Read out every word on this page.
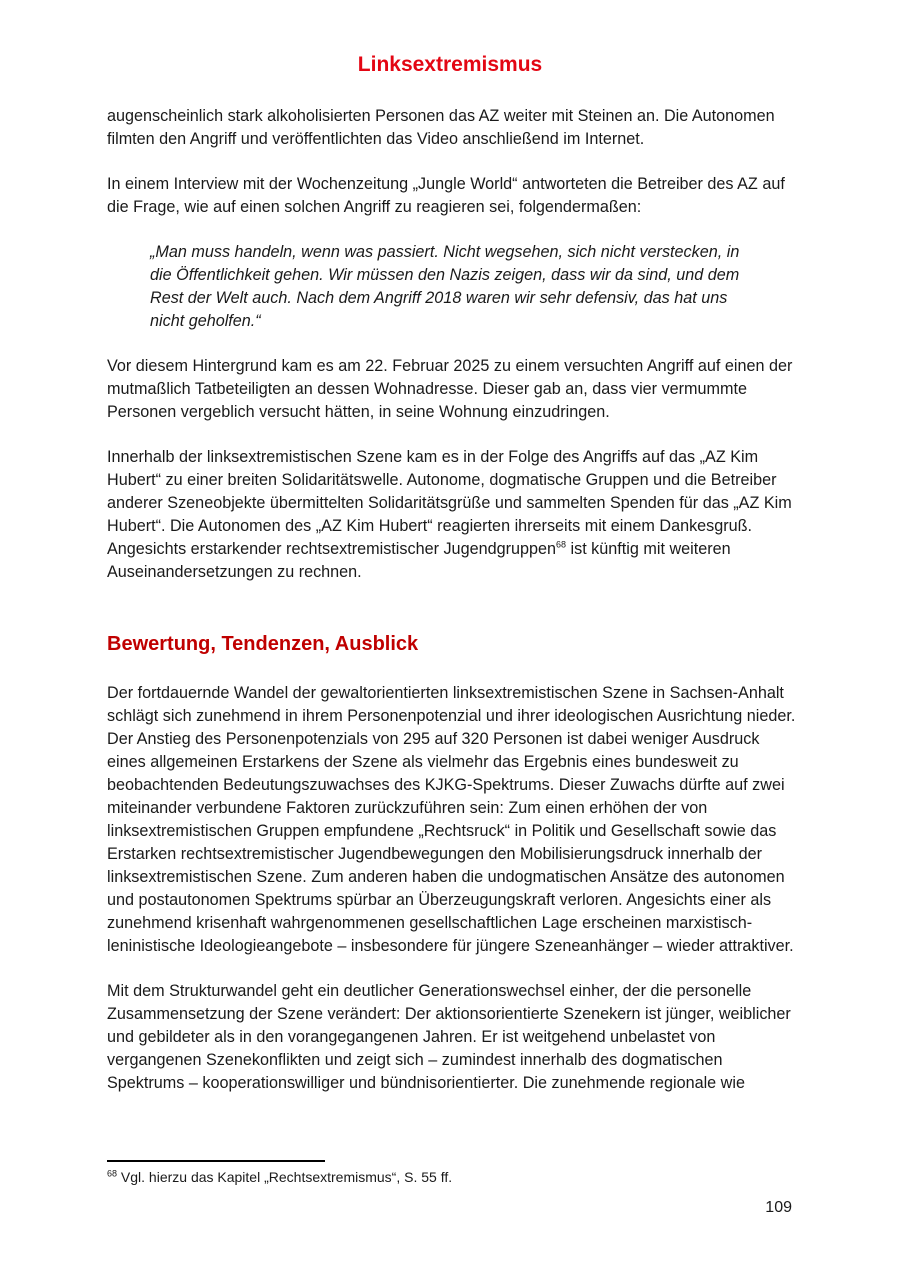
Linksextremismus

augenscheinlich stark alkoholisierten Personen das AZ weiter mit Steinen an. Die Autonomen filmten den Angriff und veröffentlichten das Video anschließend im Internet.

In einem Interview mit der Wochenzeitung „Jungle World“ antworteten die Betreiber des AZ auf die Frage, wie auf einen solchen Angriff zu reagieren sei, folgendermaßen:

„Man muss handeln, wenn was passiert. Nicht wegsehen, sich nicht verstecken, in die Öffentlichkeit gehen. Wir müssen den Nazis zeigen, dass wir da sind, und dem Rest der Welt auch. Nach dem Angriff 2018 waren wir sehr defensiv, das hat uns nicht geholfen.“

Vor diesem Hintergrund kam es am 22. Februar 2025 zu einem versuchten Angriff auf einen der mutmaßlich Tatbeteiligten an dessen Wohnadresse. Dieser gab an, dass vier vermummte Personen vergeblich versucht hätten, in seine Wohnung einzudringen.

Innerhalb der linksextremistischen Szene kam es in der Folge des Angriffs auf das „AZ Kim Hubert“ zu einer breiten Solidaritätswelle. Autonome, dogmatische Gruppen und die Betreiber anderer Szeneobjekte übermittelten Solidaritätsgrüße und sammelten Spenden für das „AZ Kim Hubert“. Die Autonomen des „AZ Kim Hubert“ reagierten ihrerseits mit einem Dankesgruß. Angesichts erstarkender rechtsextremistischer Jugendgruppen$^{68}$ ist künftig mit weiteren Auseinandersetzungen zu rechnen.

Bewertung, Tendenzen, Ausblick

Der fortdauernde Wandel der gewaltorientierten linksextremistischen Szene in Sachsen-Anhalt schlägt sich zunehmend in ihrem Personenpotenzial und ihrer ideologischen Ausrichtung nieder. Der Anstieg des Personenpotenzials von 295 auf 320 Personen ist dabei weniger Ausdruck eines allgemeinen Erstarkens der Szene als vielmehr das Ergebnis eines bundesweit zu beobachtenden Bedeutungszuwachses des KJKG-Spektrums. Dieser Zuwachs dürfte auf zwei miteinander verbundene Faktoren zurückzuführen sein: Zum einen erhöhen der von linksextremistischen Gruppen empfundene „Rechtsruck“ in Politik und Gesellschaft sowie das Erstarken rechtsextremistischer Jugendbewegungen den Mobilisierungsdruck innerhalb der linksextremistischen Szene. Zum anderen haben die undogmatischen Ansätze des autonomen und postautonomen Spektrums spürbar an Überzeugungskraft verloren. Angesichts einer als zunehmend krisenhaft wahrgenommenen gesellschaftlichen Lage erscheinen marxistisch-leninistische Ideologieangebote – insbesondere für jüngere Szeneanhänger – wieder attraktiver.

Mit dem Strukturwandel geht ein deutlicher Generationswechsel einher, der die personelle Zusammensetzung der Szene verändert: Der aktionsorientierte Szenekern ist jünger, weiblicher und gebildeter als in den vorangegangenen Jahren. Er ist weitgehend unbelastet von vergangenen Szenekonflikten und zeigt sich – zumindest innerhalb des dogmatischen Spektrums – kooperationswilliger und bündnisorientierter. Die zunehmende regionale wie

$^{68}$ Vgl. hierzu das Kapitel „Rechtsextremismus“, S. 55 ff.
109
